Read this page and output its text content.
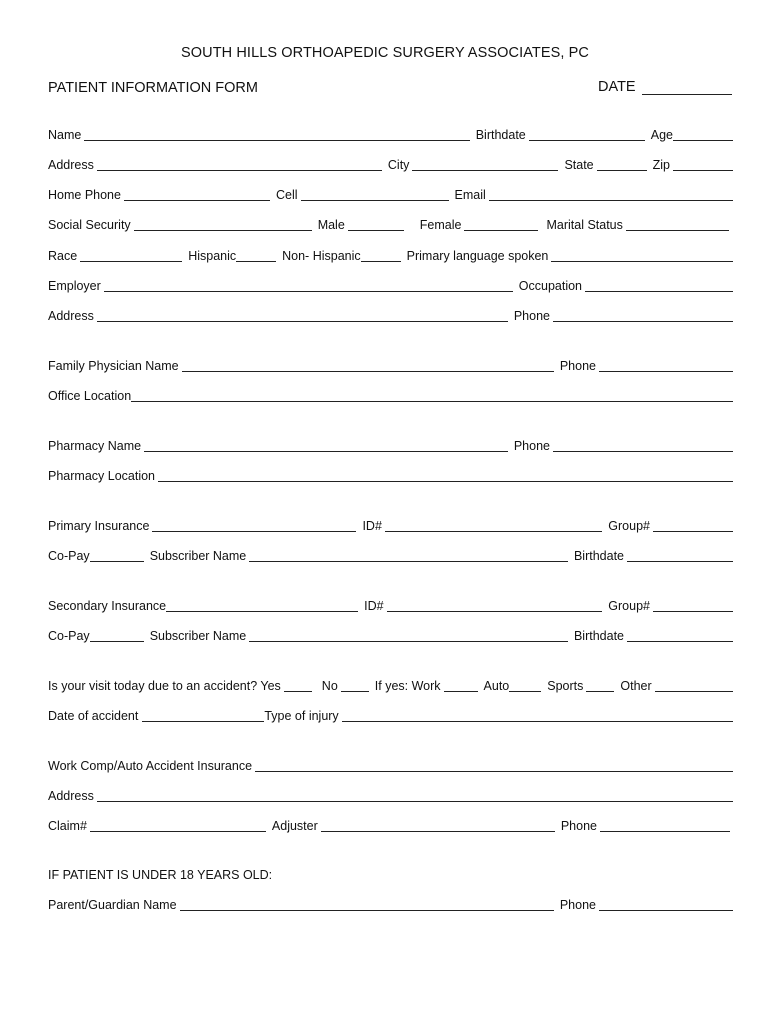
SOUTH HILLS ORTHOAPEDIC SURGERY ASSOCIATES, PC
PATIENT INFORMATION FORM	DATE
Name	Birthdate	Age
Address	City	State	Zip
Home Phone	Cell	Email
Social Security	Male	Female	Marital Status
Race	Hispanic	Non- Hispanic	Primary language spoken
Employer	Occupation
Address	Phone
Family Physician Name	Phone
Office Location
Pharmacy Name	Phone
Pharmacy Location
Primary Insurance	ID#	Group#
Co-Pay	Subscriber Name	Birthdate
Secondary Insurance	ID#	Group#
Co-Pay	Subscriber Name	Birthdate
Is your visit today due to an accident? Yes	No	If yes: Work	Auto	Sports	Other
Date of accident	Type of injury
Work Comp/Auto Accident Insurance
Address
Claim#	Adjuster	Phone
IF PATIENT IS UNDER 18 YEARS OLD:
Parent/Guardian Name	Phone
